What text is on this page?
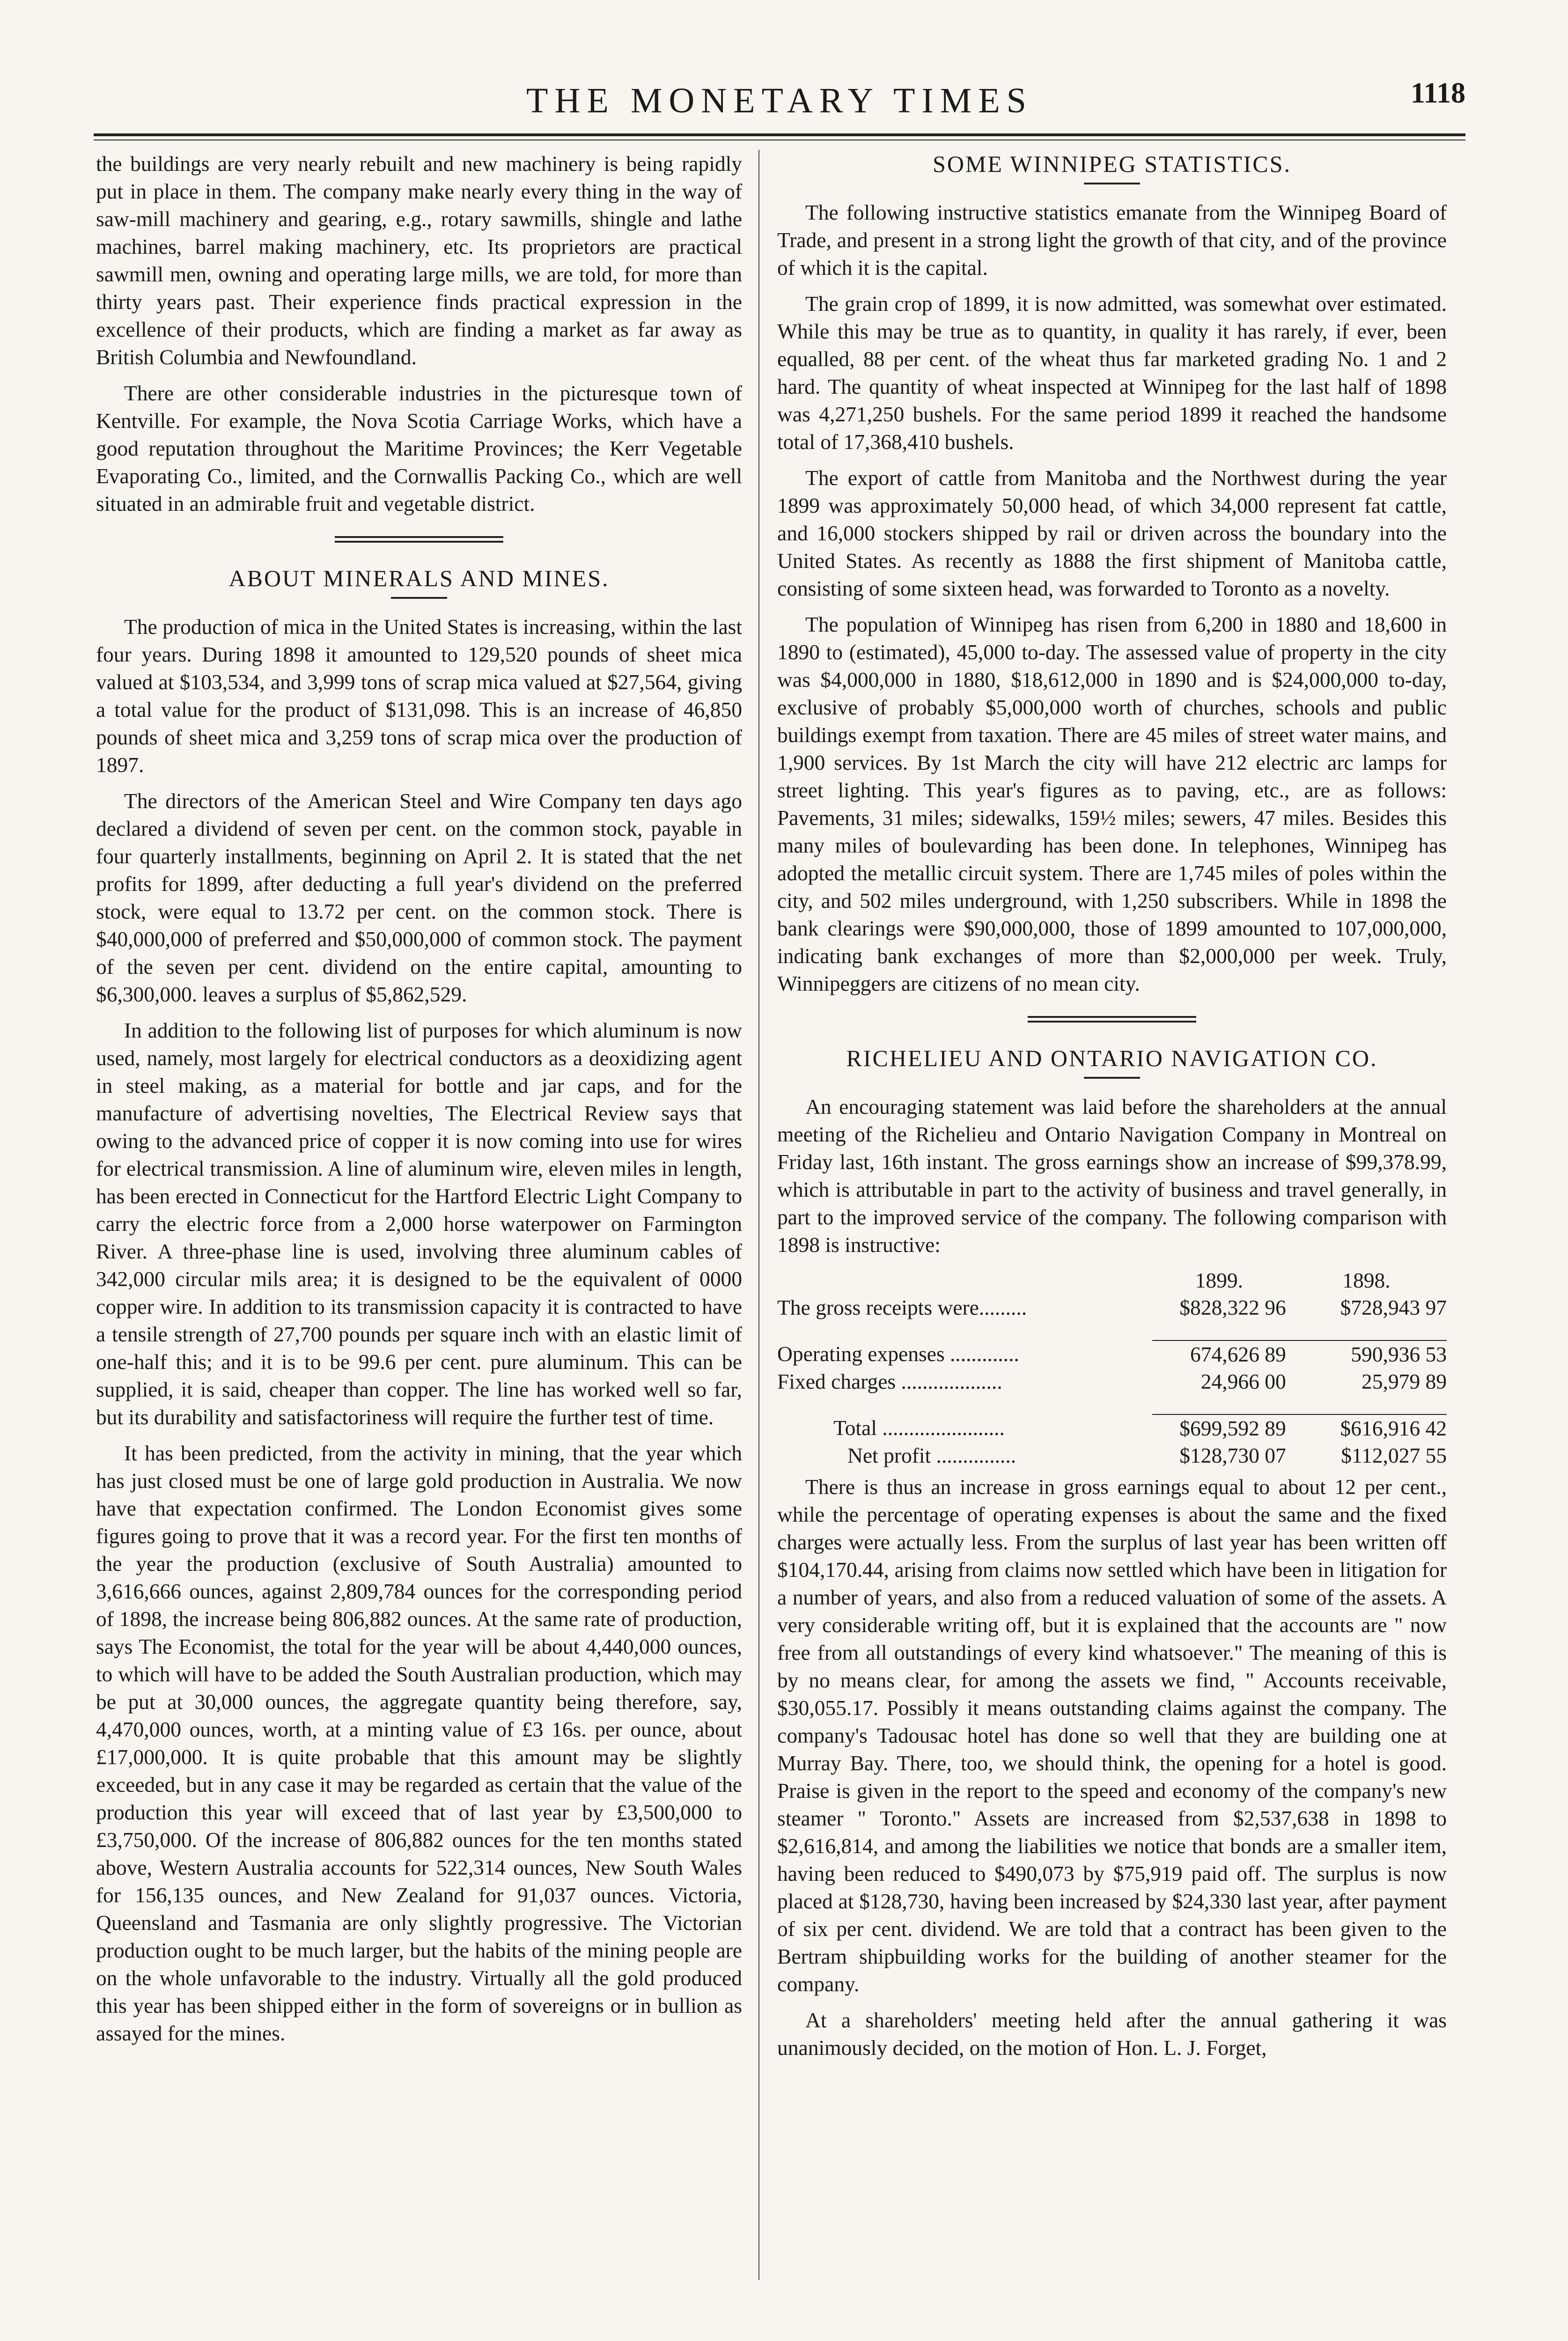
THE MONETARY TIMES	1118

the buildings are very nearly rebuilt and new machinery is being rapidly put in place in them. The company make nearly every thing in the way of saw-mill machinery and gearing, e.g., rotary sawmills, shingle and lathe machines, barrel making machinery, etc. Its proprietors are practical sawmill men, owning and operating large mills, we are told, for more than thirty years past. Their experience finds practical expression in the excellence of their products, which are finding a market as far away as British Columbia and Newfoundland.

There are other considerable industries in the picturesque town of Kentville. For example, the Nova Scotia Carriage Works, which have a good reputation throughout the Maritime Provinces; the Kerr Vegetable Evaporating Co., limited, and the Cornwallis Packing Co., which are well situated in an admirable fruit and vegetable district.

ABOUT MINERALS AND MINES.

The production of mica in the United States is increasing, within the last four years. During 1898 it amounted to 129,520 pounds of sheet mica valued at $103,534, and 3,999 tons of scrap mica valued at $27,564, giving a total value for the product of $131,098. This is an increase of 46,850 pounds of sheet mica and 3,259 tons of scrap mica over the production of 1897.

The directors of the American Steel and Wire Company ten days ago declared a dividend of seven per cent. on the common stock, payable in four quarterly installments, beginning on April 2. It is stated that the net profits for 1899, after deducting a full year's dividend on the preferred stock, were equal to 13.72 per cent. on the common stock. There is $40,000,000 of preferred and $50,000,000 of common stock. The payment of the seven per cent. dividend on the entire capital, amounting to $6,300,000. leaves a surplus of $5,862,529.

In addition to the following list of purposes for which aluminum is now used, namely, most largely for electrical conductors as a deoxidizing agent in steel making, as a material for bottle and jar caps, and for the manufacture of advertising novelties, The Electrical Review says that owing to the advanced price of copper it is now coming into use for wires for electrical transmission. A line of aluminum wire, eleven miles in length, has been erected in Connecticut for the Hartford Electric Light Company to carry the electric force from a 2,000 horse waterpower on Farmington River. A three-phase line is used, involving three aluminum cables of 342,000 circular mils area; it is designed to be the equivalent of 0000 copper wire. In addition to its transmission capacity it is contracted to have a tensile strength of 27,700 pounds per square inch with an elastic limit of one-half this; and it is to be 99.6 per cent. pure aluminum. This can be supplied, it is said, cheaper than copper. The line has worked well so far, but its durability and satisfactoriness will require the further test of time.

It has been predicted, from the activity in mining, that the year which has just closed must be one of large gold production in Australia. We now have that expectation confirmed. The London Economist gives some figures going to prove that it was a record year. For the first ten months of the year the production (exclusive of South Australia) amounted to 3,616,666 ounces, against 2,809,784 ounces for the corresponding period of 1898, the increase being 806,882 ounces. At the same rate of production, says The Economist, the total for the year will be about 4,440,000 ounces, to which will have to be added the South Australian production, which may be put at 30,000 ounces, the aggregate quantity being therefore, say, 4,470,000 ounces, worth, at a minting value of £3 16s. per ounce, about £17,000,000. It is quite probable that this amount may be slightly exceeded, but in any case it may be regarded as certain that the value of the production this year will exceed that of last year by £3,500,000 to £3,750,000. Of the increase of 806,882 ounces for the ten months stated above, Western Australia accounts for 522,314 ounces, New South Wales for 156,135 ounces, and New Zealand for 91,037 ounces. Victoria, Queensland and Tasmania are only slightly progressive. The Victorian production ought to be much larger, but the habits of the mining people are on the whole unfavorable to the industry. Virtually all the gold produced this year has been shipped either in the form of sovereigns or in bullion as assayed for the mines.

SOME WINNIPEG STATISTICS.

The following instructive statistics emanate from the Winnipeg Board of Trade, and present in a strong light the growth of that city, and of the province of which it is the capital.

The grain crop of 1899, it is now admitted, was somewhat over estimated. While this may be true as to quantity, in quality it has rarely, if ever, been equalled, 88 per cent. of the wheat thus far marketed grading No. 1 and 2 hard. The quantity of wheat inspected at Winnipeg for the last half of 1898 was 4,271,250 bushels. For the same period 1899 it reached the handsome total of 17,368,410 bushels.

The export of cattle from Manitoba and the Northwest during the year 1899 was approximately 50,000 head, of which 34,000 represent fat cattle, and 16,000 stockers shipped by rail or driven across the boundary into the United States. As recently as 1888 the first shipment of Manitoba cattle, consisting of some sixteen head, was forwarded to Toronto as a novelty.

The population of Winnipeg has risen from 6,200 in 1880 and 18,600 in 1890 to (estimated), 45,000 to-day. The assessed value of property in the city was $4,000,000 in 1880, $18,612,000 in 1890 and is $24,000,000 to-day, exclusive of probably $5,000,000 worth of churches, schools and public buildings exempt from taxation. There are 45 miles of street water mains, and 1,900 services. By 1st March the city will have 212 electric arc lamps for street lighting. This year's figures as to paving, etc., are as follows: Pavements, 31 miles; sidewalks, 159½ miles; sewers, 47 miles. Besides this many miles of boulevarding has been done. In telephones, Winnipeg has adopted the metallic circuit system. There are 1,745 miles of poles within the city, and 502 miles underground, with 1,250 subscribers. While in 1898 the bank clearings were $90,000,000, those of 1899 amounted to 107,000,000, indicating bank exchanges of more than $2,000,000 per week. Truly, Winnipeggers are citizens of no mean city.

RICHELIEU AND ONTARIO NAVIGATION CO.

An encouraging statement was laid before the shareholders at the annual meeting of the Richelieu and Ontario Navigation Company in Montreal on Friday last, 16th instant. The gross earnings show an increase of $99,378.99, which is attributable in part to the activity of business and travel generally, in part to the improved service of the company. The following comparison with 1898 is instructive:

	1899.	1898.
The gross receipts were.........	$828,322 96	$728,943 97

Operating expenses .............	674,626 89	590,936 53
Fixed charges ...................	24,966 00	25,979 89

Total .......................	$699,592 89	$616,916 42
Net profit ...............	$128,730 07	$112,027 55

There is thus an increase in gross earnings equal to about 12 per cent., while the percentage of operating expenses is about the same and the fixed charges were actually less. From the surplus of last year has been written off $104,170.44, arising from claims now settled which have been in litigation for a number of years, and also from a reduced valuation of some of the assets. A very considerable writing off, but it is explained that the accounts are " now free from all outstandings of every kind whatsoever." The meaning of this is by no means clear, for among the assets we find, " Accounts receivable, $30,055.17. Possibly it means outstanding claims against the company. The company's Tadousac hotel has done so well that they are building one at Murray Bay. There, too, we should think, the opening for a hotel is good. Praise is given in the report to the speed and economy of the company's new steamer " Toronto." Assets are increased from $2,537,638 in 1898 to $2,616,814, and among the liabilities we notice that bonds are a smaller item, having been reduced to $490,073 by $75,919 paid off. The surplus is now placed at $128,730, having been increased by $24,330 last year, after payment of six per cent. dividend. We are told that a contract has been given to the Bertram shipbuilding works for the building of another steamer for the company.

At a shareholders' meeting held after the annual gathering it was unanimously decided, on the motion of Hon. L. J. Forget,
